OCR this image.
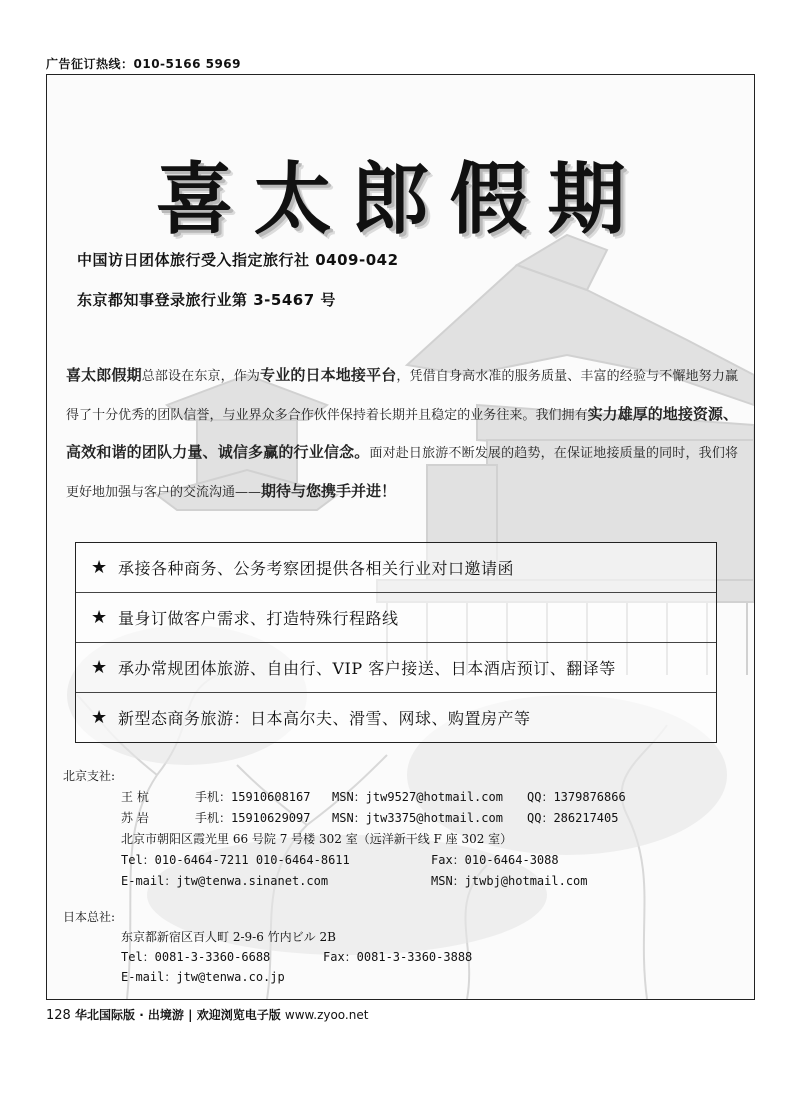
广告征订热线：010-5166 5969
喜太郎假期
中国访日团体旅行受入指定旅行社 0409-042
东京都知事登录旅行业第 3-5467 号
喜太郎假期总部设在东京，作为专业的日本地接平台，凭借自身高水准的服务质量、丰富的经验与不懈地努力赢得了十分优秀的团队信誉，与业界众多合作伙伴保持着长期并且稳定的业务往来。我们拥有实力雄厚的地接资源、高效和谐的团队力量、诚信多赢的行业信念。面对赴日旅游不断发展的趋势，在保证地接质量的同时，我们将更好地加强与客户的交流沟通——期待与您携手并进！
★ 承接各种商务、公务考察团提供各相关行业对口邀请函
★ 量身订做客户需求、打造特殊行程路线
★ 承办常规团体旅游、自由行、VIP 客户接送、日本酒店预订、翻译等
★ 新型态商务旅游：日本高尔夫、滑雪、网球、购置房产等
北京支社:
王 杭	手机：15910608167 MSN：jtw9527@hotmail.com QQ：1379876866
苏 岩	手机：15910629097 MSN：jtw3375@hotmail.com QQ：286217405
北京市朝阳区霞光里 66 号院 7 号楼 302 室（远洋新干线 F 座 302 室）
Tel：010-6464-7211 010-6464-8611	Fax：010-6464-3088
E-mail：jtw@tenwa.sinanet.com	MSN：jtwbj@hotmail.com
日本总社:
东京都新宿区百人町 2-9-6 竹内ビル 2B
Tel：0081-3-3360-6688	Fax：0081-3-3360-3888
E-mail：jtw@tenwa.co.jp
128 华北国际版 · 出境游 | 欢迎浏览电子版 www.zyoo.net
